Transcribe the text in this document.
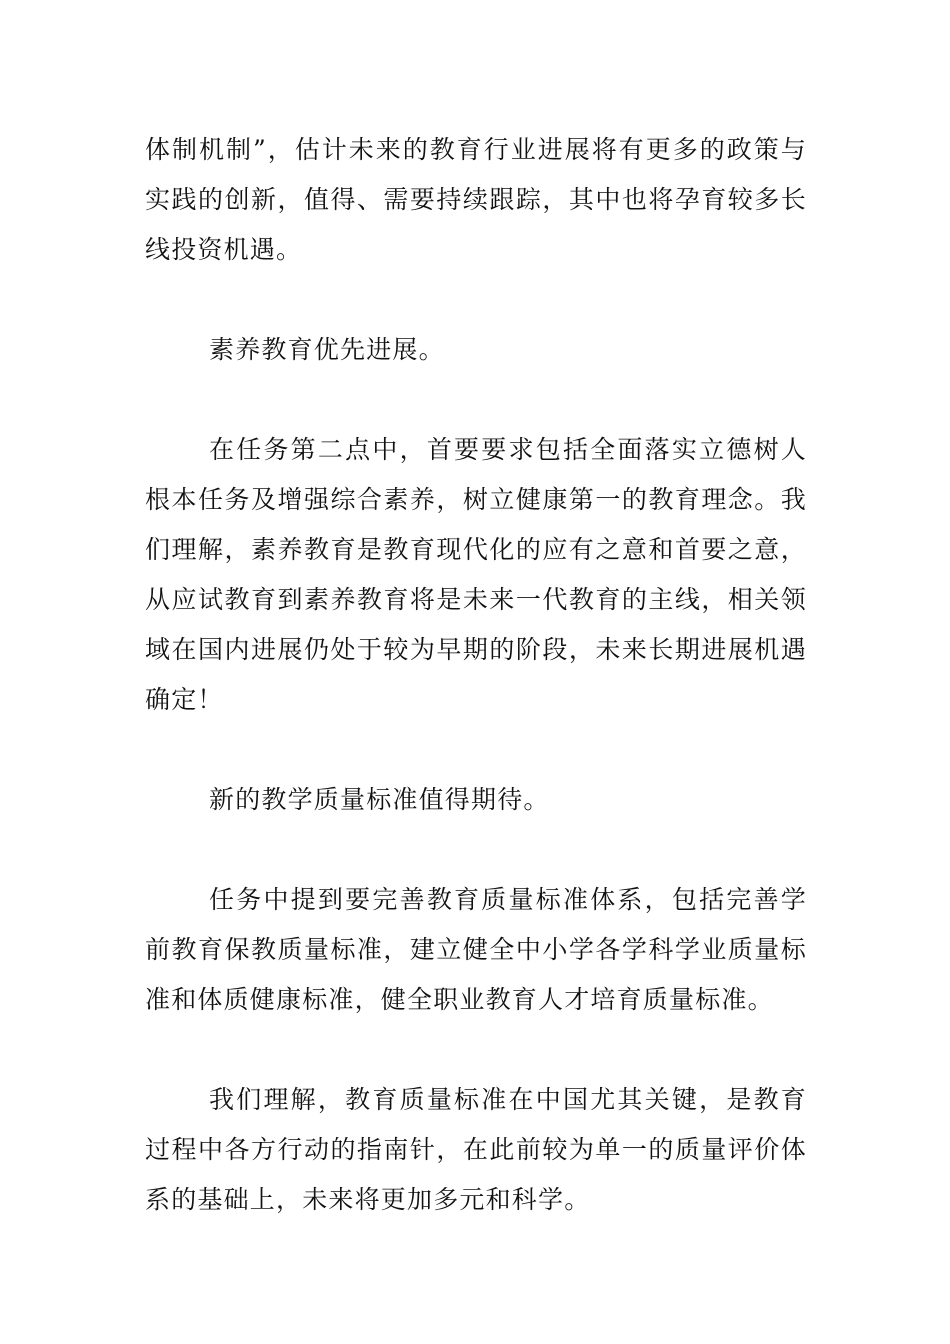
体制机制”，估计未来的教育行业进展将有更多的政策与实践的创新，值得、需要持续跟踪，其中也将孕育较多长线投资机遇。

素养教育优先进展。

在任务第二点中，首要要求包括全面落实立德树人根本任务及增强综合素养，树立健康第一的教育理念。我们理解，素养教育是教育现代化的应有之意和首要之意，从应试教育到素养教育将是未来一代教育的主线，相关领域在国内进展仍处于较为早期的阶段，未来长期进展机遇确定！

新的教学质量标准值得期待。

任务中提到要完善教育质量标准体系，包括完善学前教育保教质量标准，建立健全中小学各学科学业质量标准和体质健康标准，健全职业教育人才培育质量标准。

我们理解，教育质量标准在中国尤其关键，是教育过程中各方行动的指南针，在此前较为单一的质量评价体系的基础上，未来将更加多元和科学。
